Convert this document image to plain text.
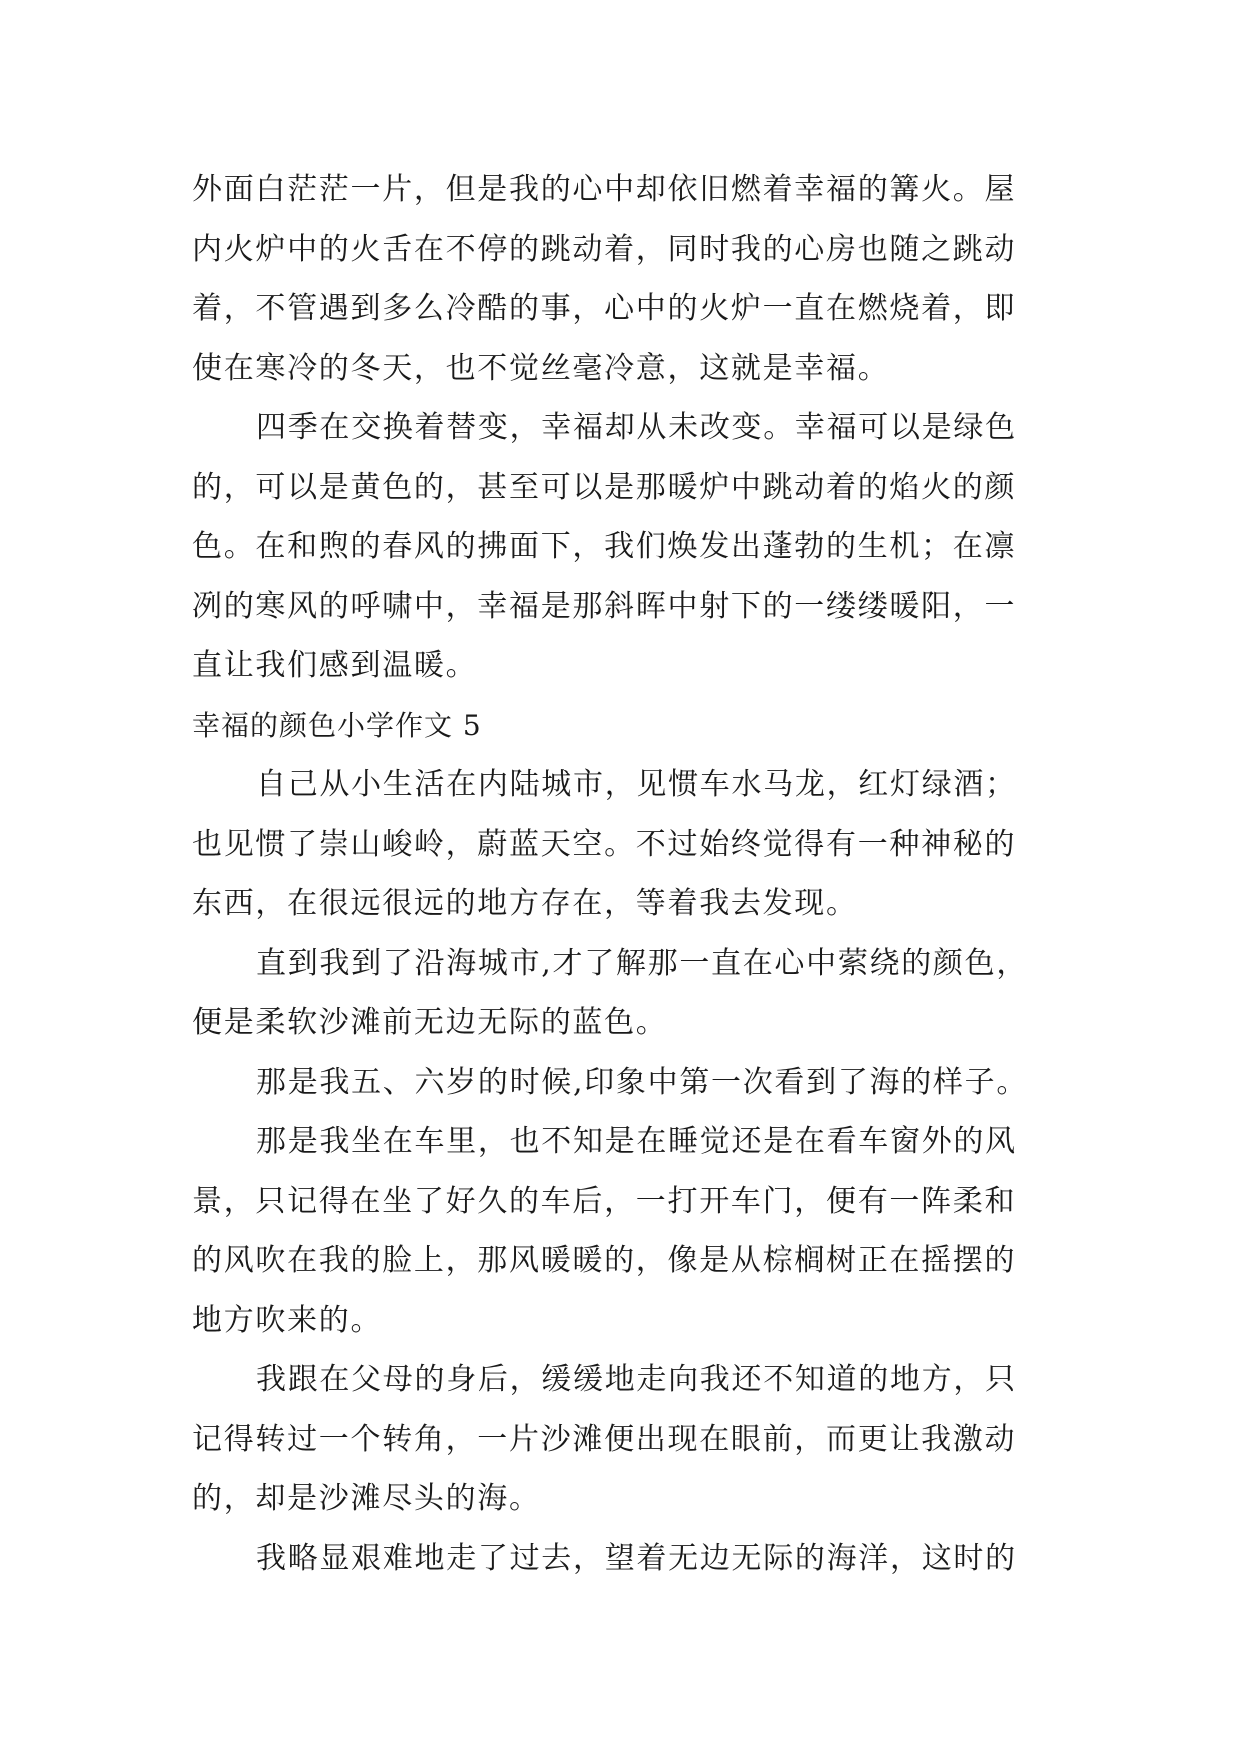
外面白茫茫一片，但是我的心中却依旧燃着幸福的篝火。屋
内火炉中的火舌在不停的跳动着，同时我的心房也随之跳动
着，不管遇到多么冷酷的事，心中的火炉一直在燃烧着，即
使在寒冷的冬天，也不觉丝毫冷意，这就是幸福。
四季在交换着替变，幸福却从未改变。幸福可以是绿色
的，可以是黄色的，甚至可以是那暖炉中跳动着的焰火的颜
色。在和煦的春风的拂面下，我们焕发出蓬勃的生机；在凛
冽的寒风的呼啸中，幸福是那斜晖中射下的一缕缕暖阳，一
直让我们感到温暖。
幸福的颜色小学作文 5
自己从小生活在内陆城市，见惯车水马龙，红灯绿酒；
也见惯了崇山峻岭，蔚蓝天空。不过始终觉得有一种神秘的
东西，在很远很远的地方存在，等着我去发现。
直到我到了沿海城市,才了解那一直在心中萦绕的颜色，
便是柔软沙滩前无边无际的蓝色。
那是我五、六岁的时候,印象中第一次看到了海的样子。
那是我坐在车里，也不知是在睡觉还是在看车窗外的风
景，只记得在坐了好久的车后，一打开车门，便有一阵柔和
的风吹在我的脸上，那风暖暖的，像是从棕榈树正在摇摆的
地方吹来的。
我跟在父母的身后，缓缓地走向我还不知道的地方，只
记得转过一个转角，一片沙滩便出现在眼前，而更让我激动
的，却是沙滩尽头的海。
我略显艰难地走了过去，望着无边无际的海洋，这时的
